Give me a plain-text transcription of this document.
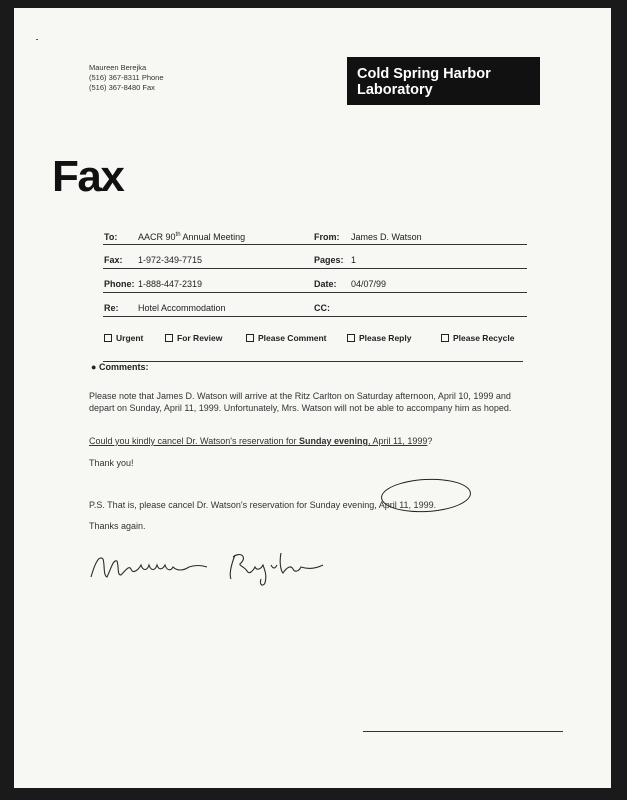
Maureen Berejka
(516) 367-8311 Phone
(516) 367-8480 Fax
Cold Spring Harbor
Laboratory
Fax
To: AACR 90th Annual Meeting	From: James D. Watson
Fax: 1-972-349-7715	Pages: 1
Phone: 1-888-447-2319	Date: 04/07/99
Re: Hotel Accommodation	CC:
Urgent	For Review	Please Comment	Please Reply	Please Recycle
● Comments:
Please note that James D. Watson will arrive at the Ritz Carlton on Saturday afternoon, April 10, 1999 and depart on Sunday, April 11, 1999. Unfortunately, Mrs. Watson will not be able to accompany him as hoped.
Could you kindly cancel Dr. Watson's reservation for Sunday evening, April 11, 1999?
Thank you!
P.S. That is, please cancel Dr. Watson's reservation for Sunday evening, April 11, 1999.
Thanks again.
